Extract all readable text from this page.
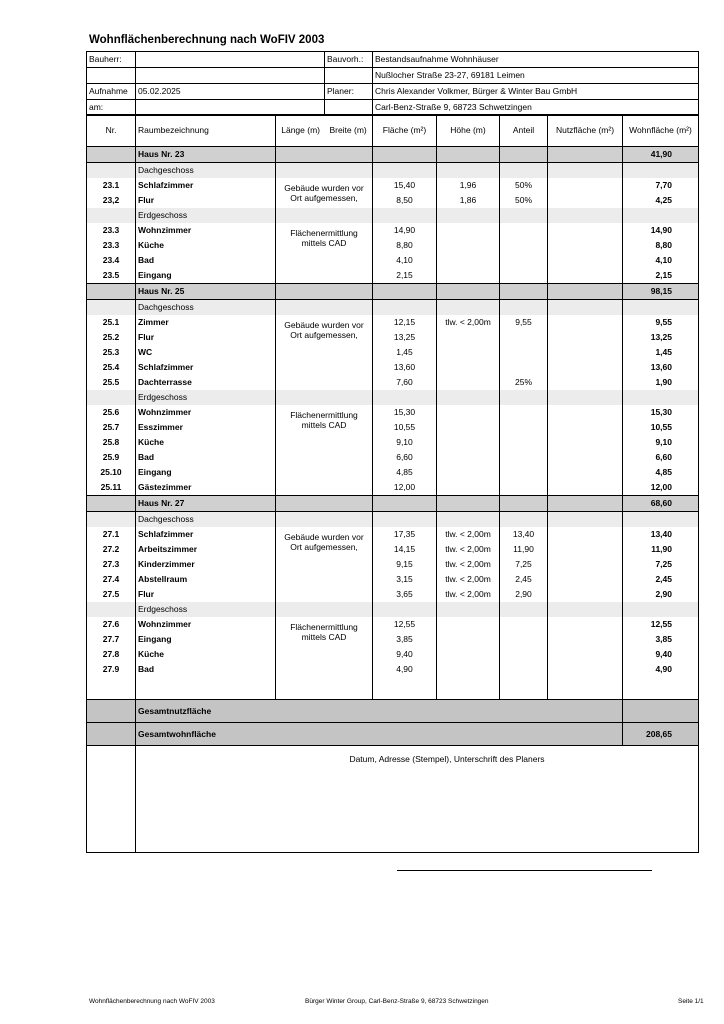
Wohnflächenberechnung nach WoFIV 2003
Bauherr:		Bauvorh.:	Bestandsaufnahme Wohnhäuser
			Nußlocher Straße 23-27, 69181 Leimen
Aufnahme	05.02.2025	Planer:	Chris Alexander Volkmer, Bürger & Winter Bau GmbH
am:			Carl-Benz-Straße 9, 68723 Schwetzingen
Nr.	Raumbezeichnung	Länge (m) Breite (m)	Fläche (m²)	Höhe (m)	Anteil	Nutzfläche (m²)	Wohnfläche (m²)
	Haus Nr. 23						41,90
	Dachgeschoss						
23.1	Schlafzimmer	Gebäude wurden vor Ort aufgemessen,	15,40	1,96	50%		7,70
23,2	Flur		8,50	1,86	50%		4,25
	Erdgeschoss						
23.3	Wohnzimmer	Flächenermittlung mittels CAD	14,90				14,90
23.3	Küche		8,80				8,80
23.4	Bad		4,10				4,10
23.5	Eingang		2,15				2,15
	Haus Nr. 25						98,15
	Dachgeschoss						
25.1	Zimmer	Gebäude wurden vor Ort aufgemessen,	12,15	tlw. < 2,00m	9,55		9,55
25.2	Flur		13,25				13,25
25.3	WC		1,45				1,45
25.4	Schlafzimmer		13,60				13,60
25.5	Dachterrasse		7,60		25%		1,90
	Erdgeschoss						
25.6	Wohnzimmer	Flächenermittlung mittels CAD	15,30				15,30
25.7	Esszimmer		10,55				10,55
25.8	Küche		9,10				9,10
25.9	Bad		6,60				6,60
25.10	Eingang		4,85				4,85
25.11	Gästezimmer		12,00				12,00
	Haus Nr. 27						68,60
	Dachgeschoss						
27.1	Schlafzimmer	Gebäude wurden vor Ort aufgemessen,	17,35	tlw. < 2,00m	13,40		13,40
27.2	Arbeitszimmer		14,15	tlw. < 2,00m	11,90		11,90
27.3	Kinderzimmer		9,15	tlw. < 2,00m	7,25		7,25
27.4	Abstellraum		3,15	tlw. < 2,00m	2,45		2,45
27.5	Flur		3,65	tlw. < 2,00m	2,90		2,90
	Erdgeschoss						
27.6	Wohnzimmer	Flächenermittlung mittels CAD	12,55				12,55
27.7	Eingang		3,85				3,85
27.8	Küche		9,40				9,40
27.9	Bad		4,90				4,90

	Gesamtnutzfläche						
	Gesamtwohnfläche						208,65

	Datum, Adresse (Stempel), Unterschrift des Planers						
Wohnflächenberechnung nach WoFIV 2003	Bürger Winter Group, Carl-Benz-Straße 9, 68723 Schwetzingen	Seite 1/1
